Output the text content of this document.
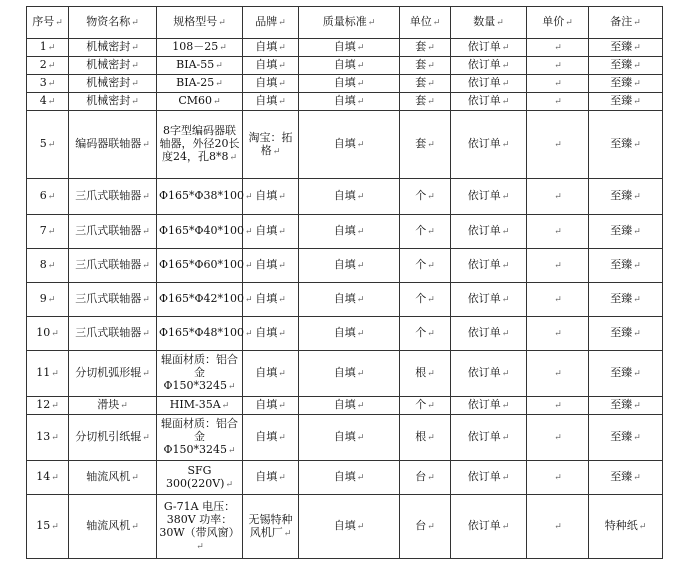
序号↵	物资名称↵	规格型号↵	品牌↵	质量标准↵	单位↵	数量↵	单价↵	备注↵
1↵	机械密封↵	108－25↵	自填↵	自填↵	套↵	依订单↵	↵	至臻↵
2↵	机械密封↵	BIA-55↵	自填↵	自填↵	套↵	依订单↵	↵	至臻↵
3↵	机械密封↵	BIA-25↵	自填↵	自填↵	套↵	依订单↵	↵	至臻↵
4↵	机械密封↵	CM60↵	自填↵	自填↵	套↵	依订单↵	↵	至臻↵
5↵	编码器联轴器↵	8字型编码器联轴器，外径20长度24，孔8*8↵	淘宝：拓格↵	自填↵	套↵	依订单↵	↵	至臻↵
6↵	三爪式联轴器↵	Φ165*Φ38*100↵	自填↵	自填↵	个↵	依订单↵	↵	至臻↵
7↵	三爪式联轴器↵	Φ165*Φ40*100↵	自填↵	自填↵	个↵	依订单↵	↵	至臻↵
8↵	三爪式联轴器↵	Φ165*Φ60*100↵	自填↵	自填↵	个↵	依订单↵	↵	至臻↵
9↵	三爪式联轴器↵	Φ165*Φ42*100↵	自填↵	自填↵	个↵	依订单↵	↵	至臻↵
10↵	三爪式联轴器↵	Φ165*Φ48*100↵	自填↵	自填↵	个↵	依订单↵	↵	至臻↵
11↵	分切机弧形辊↵	辊面材质：铝合金Φ150*3245↵	自填↵	自填↵	根↵	依订单↵	↵	至臻↵
12↵	滑块↵	HIM-35A↵	自填↵	自填↵	个↵	依订单↵	↵	至臻↵
13↵	分切机引纸辊↵	辊面材质：铝合金Φ150*3245↵	自填↵	自填↵	根↵	依订单↵	↵	至臻↵
14↵	轴流风机↵	SFG 300(220V)↵	自填↵	自填↵	台↵	依订单↵	↵	至臻↵
15↵	轴流风机↵	G-71A 电压：380V 功率：30W（带风窗）↵	无锡特种风机厂↵	自填↵	台↵	依订单↵	↵	特种纸↵
